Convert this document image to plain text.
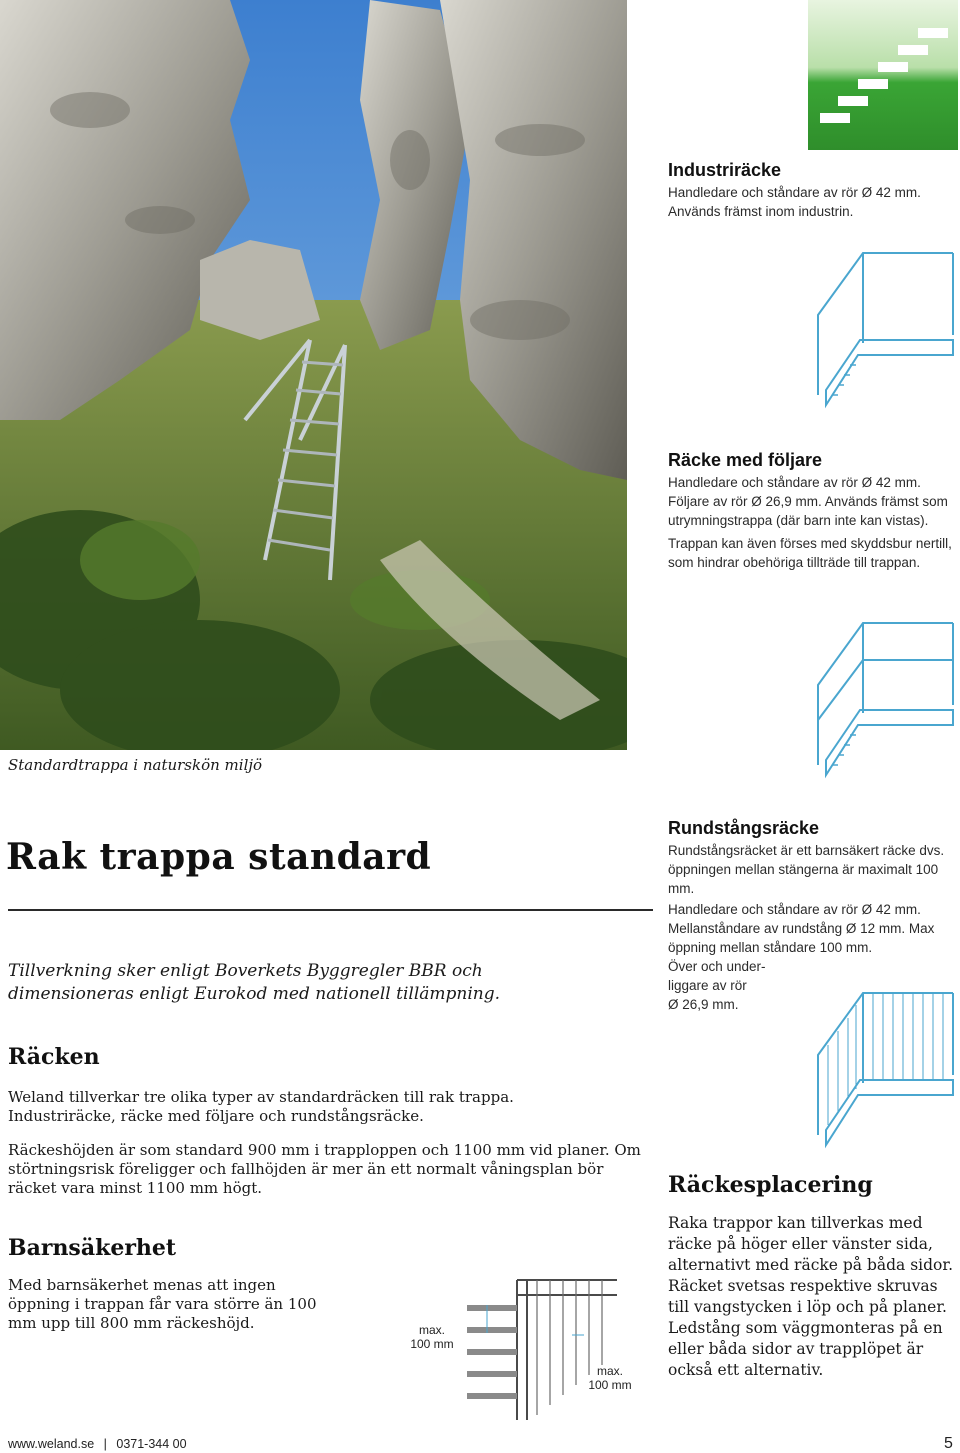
Standardtrappa i naturskön miljö

Industriräcke

Handledare och ståndare av rör Ø 42 mm. Används främst inom industrin.

Räcke med följare

Handledare och ståndare av rör Ø 42 mm. Följare av rör Ø 26,9 mm. Används främst som utrymningstrappa (där barn inte kan vistas).

Trappan kan även förses med skyddsbur nertill, som hindrar obehöriga tillträde till trappan.

Rak trappa standard

Tillverkning sker enligt Boverkets Byggregler BBR och dimensioneras enligt Eurokod med nationell tillämpning.

Räcken

Weland tillverkar tre olika typer av standardräcken till rak trappa. Industriräcke, räcke med följare och rundstångsräcke.

Räckeshöjden är som standard 900 mm i trapploppen och 1100 mm vid planer. Om störtningsrisk föreligger och fallhöjden är mer än ett normalt våningsplan bör räcket vara minst 1100 mm högt.

Barnsäkerhet

Med barnsäkerhet menas att ingen öppning i trappan får vara större än 100 mm upp till 800 mm räckeshöjd.	max.
100 mm
max.
100 mm
Rundstångsräcke

Rundstångsräcket är ett barnsäkert räcke dvs. öppningen mellan stängerna är maximalt 100 mm.

Handledare och ståndare av rör Ø 42 mm. Mellanståndare av rundstång Ø 12 mm. Max öppning mellan ståndare 100 mm.

Över och under-

liggare av rör

Ø 26,9 mm.

Räckesplacering

Raka trappor kan tillverkas med räcke på höger eller vänster sida, alternativt med räcke på båda sidor. Räcket svetsas respektive skruvas till vangstycken i löp och på planer. Ledstång som väggmonteras på en eller båda sidor av trapplöpet är också ett alternativ.

www.weland.se | 0371-344 00	5
